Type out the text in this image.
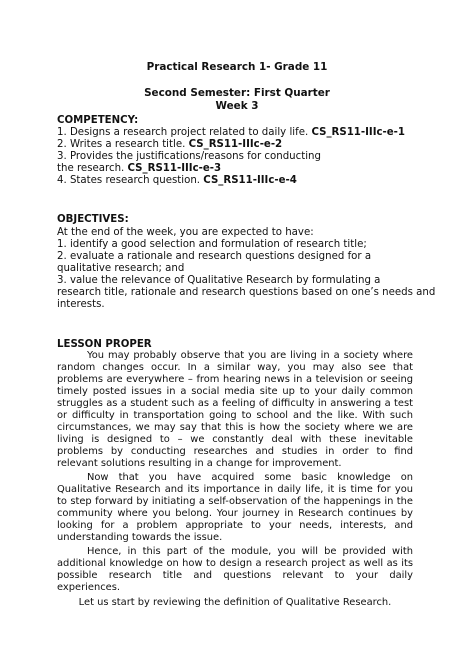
Practical Research 1- Grade 11
Second Semester: First Quarter
Week 3
COMPETENCY:
1. Designs a research project related to daily life. CS_RS11-IIIc-e-1
2. Writes a research title. CS_RS11-IIIc-e-2
3. Provides the justifications/reasons for conducting
the research. CS_RS11-IIIc-e-3
4. States research question. CS_RS11-IIIc-e-4
OBJECTIVES:
At the end of the week, you are expected to have:
1. identify a good selection and formulation of research title;
2. evaluate a rationale and research questions designed for a
qualitative research; and
3. value the relevance of Qualitative Research by formulating a
research title, rationale and research questions based on one’s needs and
interests.
LESSON PROPER
You may probably observe that you are living in a society where random changes occur. In a similar way, you may also see that problems are everywhere – from hearing news in a television or seeing timely posted issues in a social media site up to your daily common struggles as a student such as a feeling of difficulty in answering a test or difficulty in transportation going to school and the like. With such circumstances, we may say that this is how the society where we are living is designed to – we constantly deal with these inevitable problems by conducting researches and studies in order to find relevant solutions resulting in a change for improvement.
Now that you have acquired some basic knowledge on Qualitative Research and its importance in daily life, it is time for you to step forward by initiating a self-observation of the happenings in the community where you belong. Your journey in Research continues by looking for a problem appropriate to your needs, interests, and understanding towards the issue.
Hence, in this part of the module, you will be provided with additional knowledge on how to design a research project as well as its possible research title and questions relevant to your daily experiences.
Let us start by reviewing the definition of Qualitative Research.
